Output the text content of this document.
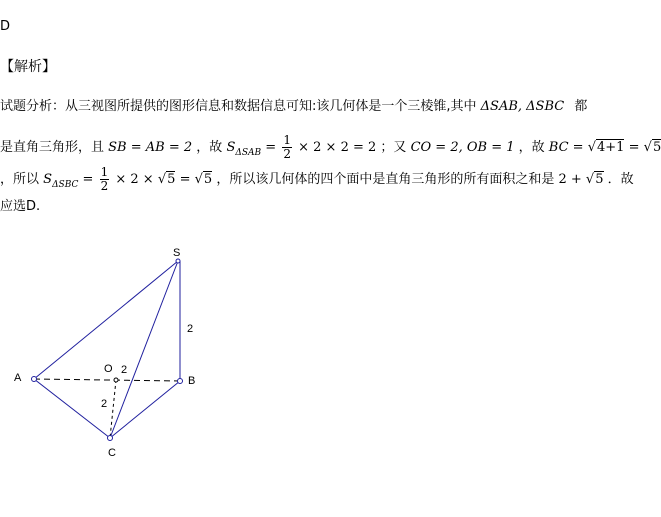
D
【解析】
试题分析：从三视图所提供的图形信息和数据信息可知:该几何体是一个三棱锥,其中 ΔSAB, ΔSBC 都
是直角三角形，且 SB = AB = 2 ，故 $S_{\Delta SAB} = \frac{1}{2} \times 2 \times 2 = 2$ ；又 CO = 2, OB = 1 ，故 BC = √4+1 = √5
，所以 $S_{\Delta SBC} = \frac{1}{2} \times 2 \times √5 = √5$ ，所以该几何体的四个面中是直角三角形的所有面积之和是 2 + √5 ．故
应选D.
S
A	B
C
O
2
2
2
